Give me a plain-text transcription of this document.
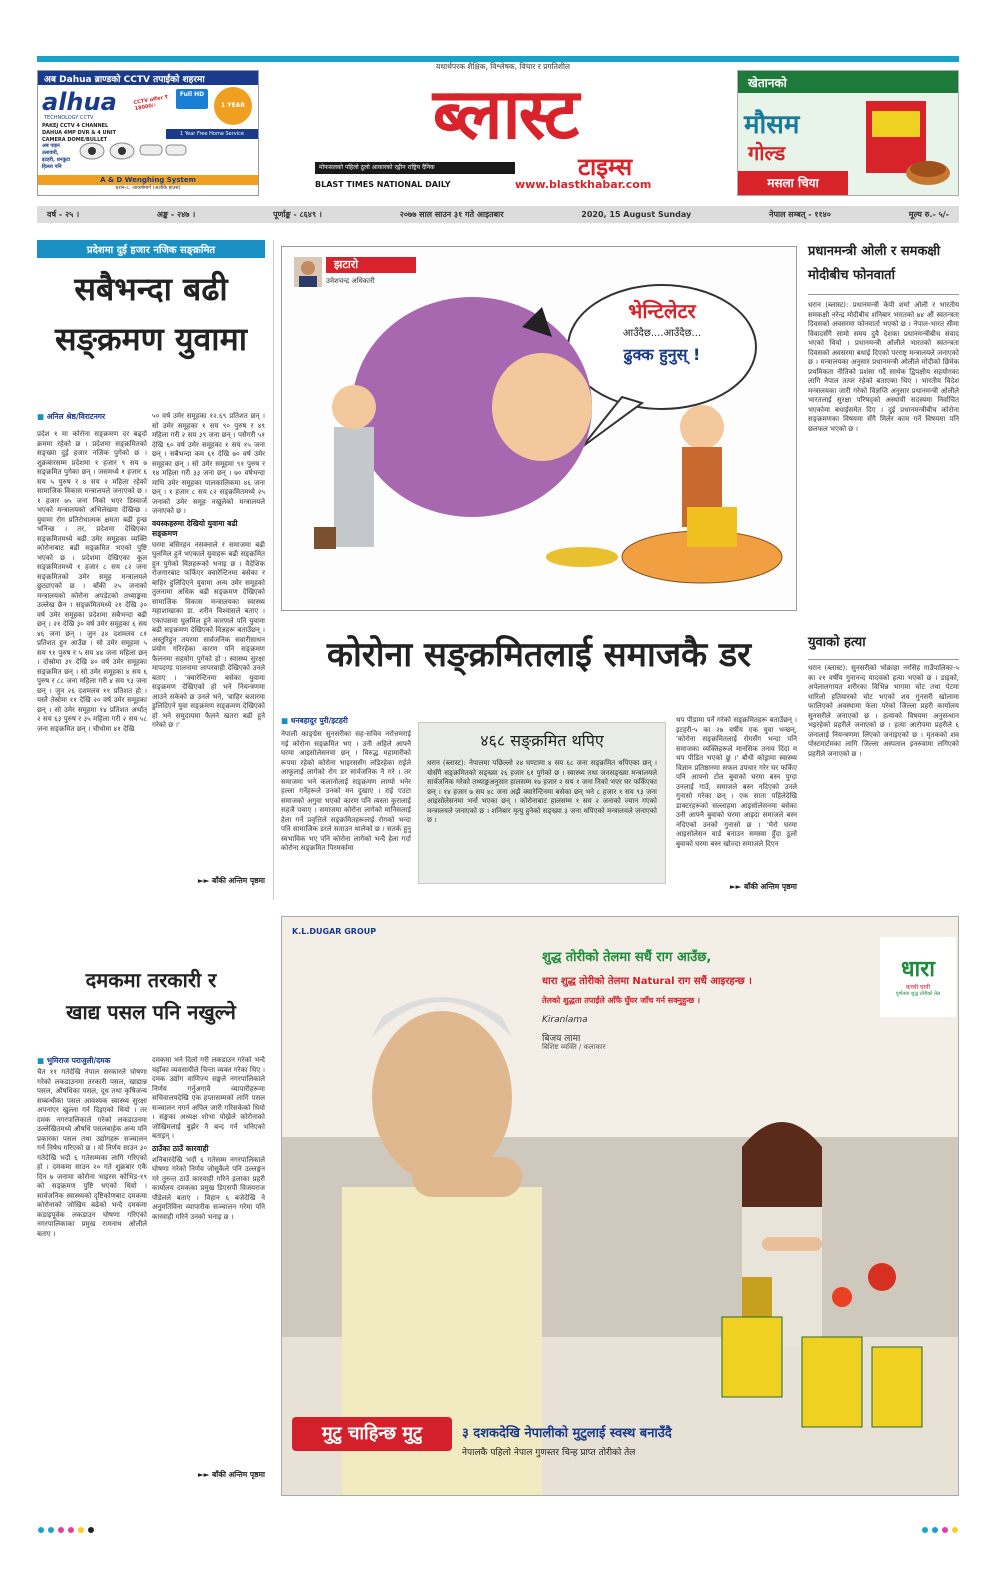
यथार्थपरक शैक्षिक, विश्लेषक, विचार र प्रगतिशील
अब Dahua ब्राण्डको CCTV तपाईंको शहरमा
alhua
TECHNOLOGY CCTV
PAKEJ CCTV 4 CHANNEL
DAHUA 4MP DVR & 4 UNIT
CAMERA DOME/BULLET
Full HD
1 YEAR
CCTV offer ₹ 18000/-
1 Year Free Home Service
अब पाइन
उलावारी,
इटहरी, धनकुटा
हिल्ला पनि
A & D Wenghing System
धरान-८, आकर्षमार्ग (अलीके हाउस)
ब्लास्ट
टाइम्स
मोफसलको पहिलो ठूलो आकारको रङ्गीन राष्ट्रिय दैनिक
BLAST TIMES NATIONAL DAILY	www.blastkhabar.com
खेतानको
मौसम
गोल्ड
मसला चिया
वर्ष - २५ ।	अङ्क - २४७ ।	पूर्णाङ्क - ८६४९ ।	२०७७ साल साउन ३१ गते आइतबार	2020, 15 August Sunday	नेपाल सम्बत् - ११४०	मूल्य रु.- ५/-
प्रदेशमा दुई हजार नजिक सङ्क्रमित
सबैभन्दा बढी
सङ्क्रमण युवामा
■ अनिल श्रेष्ठ/विराटनगर
प्रदेश १ मा कोरोना सङ्क्रमण दर बढ्दो क्रममा रहेको छ । प्रदेशमा सङ्क्रमितको सङ्ख्या दुई हजार नजिक पुगेको छ । शुक्रबारसम्म प्रदेशमा १ हजार ९ सय ७ सङ्क्रमित पुगेका छन् । जसमध्ये १ हजार ६ सय ५ पुरुष र ४ सय २ महिला रहेको सामाजिक विकास मन्त्रालयले जनाएको छ । १ हजार ७५ जना निको भएर डिस्चार्ज भएको मन्त्रालयको अभिलेखमा देखिन्छ । युवामा रोग प्रतिरोधात्मक क्षमता बढी हुन्छ भनिन्छ । तर, प्रदेशमा देखिएका सङ्क्रमितमध्ये बढी उमेर समूहका व्यक्ति कोरोनाबाट बढी सङ्क्रमित भएको पुष्टि भएको छ । प्रदेशमा देखिएका कूल सङ्क्रमितमध्ये १ हजार ८ सय ८२ जना सङ्क्रमितको उमेर समूह मन्त्रालयले छुट्याएको छ । बाँकी २५ जनाको मन्त्रालयको कोरोना अपडेटको तथ्याङ्कमा उल्लेख छैन । सङ्क्रमितमध्ये २१ देखि ३० वर्ष उमेर समूहका प्रदेशमा सबैभन्दा बढी छन् । २१ देखि ३० वर्ष उमेर समूहका ६ सय ४६ जना छन् । जुन ३४ दशमलव ८१ प्रतिशत हुन आउँछ । सो उमेर समूहमा ५ सय ९१ पुरुष र ५ सय ४४ जना महिला छन् । दोस्रोमा ३१ देखि ४० वर्ष उमेर समूहका सङ्क्रमित छन् । सो उमेर समूहका ४ सय ६ पुरुष र ८८ जना महिला गरी ४ सय ९३ जना छन् । जुन २६ दशमलव ११ प्रतिशत हो । यस्तै तेस्रोमा ११ देखि २० वर्ष उमेर समूहका छन् । सो उमेर समूहमा १४ प्रतिशत अर्थात् २ सय ६३ पुरुष र ३५ महिला गरी २ सय ५८ जना सङ्क्रमित छन् । चौथोमा ४१ देखि
५० वर्ष उमेर समूहका १२.६९ प्रतिशत छन् । सो उमेर समूहका १ सय ९० पुरुष र ४९ महिला गरी २ सय ३९ जना छन् । पसैगरी ५१ देखि ६० वर्ष उमेर समूहका १ सय १५ जना छन् । सबैभन्दा कम ६१ देखि ७० वर्ष उमेर समूहका छन् । सो उमेर समूहमा ९१ पुरुष र १४ महिला गरी ३३ जना छन् । ७० वर्षभन्दा माथि उमेर समूहका पालकालिकमा ४६ जना छन् । १ हजार ८ सय ८२ सङ्क्रमितमध्ये २५ जनाको उमेर समूह नखुलेको मन्त्रालयले जनाएको छ ।
वयस्कहरुमा देखियो युवामा बढी सङ्क्रमण
घरमा बसिरहन नसक्नाले र समाजमा बढी घुलमिल हुने भएकाले युवाहरू बढी सङ्क्रमित हुन पुगेको विज्ञहरूको भनाइ छ । वैदेशिक रोजगारबाट फर्किएर क्वारेन्टिनमा बसेका र बाहिर हुलिदिएने युवामा अन्य उमेर समूहको तुलनामा अधिक बढी सङ्क्रमण देखिएको सामाजिक विकास मन्त्रालयका स्वास्थ्य महाशाखाका डा. शरीन विश्वासले बताए । एकापसमा घुलमिल हुने कारणले पनि युवामा बढी सङ्क्रमण देखिएको विज्ञहरू बताउँछन् । अस्तुरिहुन तयरमा सार्वजनिक सवारीसाधन प्रयोग गरिरहेका कारण पनि सङ्क्रमण फैलनमा सहयोग पुगेको हो । स्वास्थ्य सुरक्षा मापदण्ड पालनामा लापरवाही देखिएको उनले बताए । 'क्वारेन्टिनमा बसेका युवामा सङ्क्रमण देखिएको हो भने नियन्त्रणमा आउने सकेको छ उनले भने, 'बाहिर बजारमा डुलिदिएने युवा सङ्क्रमण सङ्क्रमण देखिएको हो भने समुदायमा फैलने खतरा बढी हुने गरेको छ ।'
►► बाँकी अन्तिम पृष्ठमा
झटारो
उमेशचन्द्र अधिकारी
भेन्टिलेटर
आउँदैछ....आउँदैछ...
ढुक्क हुनुस् !
कोरोना सङ्क्रमितलाई समाजकै डर
■ धनबहादुर पुरी/इटहरी
नेपाली काङ्ग्रेस सुनसरीका सह-सचिव नरोत्तमराई गई कोरोना सङ्क्रमित भए । उनी अहिले आफ्नै घरमा आइसोलेसनमा छन् । विरुद्ध महामारीको रूपमा रहेको कोरोना भाइरससँग लडिरहेका राईले आफूलाई लागेको रोग डर सार्वजनिक नै गरे । तर समाजमा भने कलानोलाई सङ्क्रमण लाग्यो भनेर हल्ला गर्नेहरूले उनको मन दुखाए । राई एउटा समाजको अगुवा भएको कारण पनि त्यस्ता कुरालाई सहजै पचाए । समाजमा कोरोना लागेको मानिसलाई हेला गर्ने प्रवृत्तिले सङ्क्रमितहरूलाई रोगको भन्दा पनि सामाजिक डरले सताउन थालेको छ । सतर्क हुनु स्वभाविक भए पनि कोरोना लागेको भन्दै हेला गर्दा कोरोना सङ्क्रमित पिरमर्कामा
४६८ सङ्क्रमित थपिए
धरान (ब्लास्ट): नेपालमा पछिल्लो २४ घण्टामा ४ सय ६८ जना सङ्क्रमित थपिएका छन् । योसँगै सङ्क्रमितको सङ्ख्या २६ हजार ६१ पुगेको छ । स्वास्थ्य तथा जनसङ्ख्या मन्त्रालयले सार्वजनिक गरेको तथ्याङ्कअनुसार हालसम्म १७ हजार २ सय १ जना निको भएर घर फर्किएका छन् । १४ हजार ७ सय ४८ जना अझै क्वारेन्टिनमा बसेका छन् भने ८ हजार १ सय ९३ जना आइसोलेसनमा भर्ना भएका छन् । कोरोनाबाट हालसम्म १ सय २ जनाको ज्यान गएको मन्त्रालयले जनाएको छ । शनिबार मृत्यु हुनेको सङ्ख्या ३ जना थपिएको मन्त्रालयले जनाएको छ ।
थप पीडामा पर्ने गरेको सङ्क्रमितहरू बताउँछन् । इटहरी-५ का २७ वर्षीय एक युवा भन्छन्, 'कोरोना सङ्क्रमितलाई रोगसँग भन्दा पनि समाजका व्यक्तिहरूले मानसिक तनाव दिंदा म थप पीडित भएको छु ।' बौधी कोड्रामा स्वास्थ्य विज्ञान प्रतिष्ठानमा सफल उपचार गरेर घर फर्किए पनि आफ्नो टोल बुवाको घरमा बस्न पुग्दा उनलाई गाउँ, समाजले बस्न नदिएको उनले गुनासो गरेका छन् । एक साता पहिलेदेखि डाक्टरहरूको सल्लाहमा आइसोलेसनमा बसेका उनी आफ्नै बुवाको घरमा आइदा समाजले बस्न नदिएको उनको गुनासो छ । 'मेरो घरमा आइसोलेसन वार्ड बनाउन समस्या हुँदा ठूलो बुवाको घरमा बस्न खोज्दा समाजले दिएन
►► बाँकी अन्तिम पृष्ठमा
प्रधानमन्त्री ओली र समकक्षी मोदीबीच फोनवार्ता
धरान (ब्लास्ट): प्रधानमन्त्री केपी शर्मा ओली र भारतीय समकक्षी नरेन्द्र मोदीबीच शनिबार भारतको ७४ औं स्वतन्त्रता दिवसको अवसरमा फोनवार्ता भएको छ । नेपाल-भारत सीमा विवादसँगै सामो समय दुवै देशका प्रधानमन्त्रीबीच संवाद भएको थियो । प्रधानमन्त्री ओलीले भारतको स्वतन्त्रता दिवसको अवसरमा बधाई दिएको परराष्ट्र मन्त्रालयले जनाएको छ । मन्त्रालयका अनुसार प्रधानमन्त्री ओलीले मोदीको छिमेक प्रथमिकता नीतिको प्रशंसा गर्दै सार्थक द्विपक्षीय सहयोगका लागि नेपाल तत्पर रहेको बताएका थिए । भारतीय विदेश मन्त्रालयका जारी गरेको विज्ञप्ति अनुसार प्रधानमन्त्री ओलीले भारतलाई सुरक्षा परिषद्को अस्थायी सदस्यमा निर्वाचित भएकोमा बधाईसमेत दिए । दुई प्रधानमन्त्रीबीच कोरोना सङ्क्रमणका विषयमा सँगै मिलेर काम गर्ने विषयमा पनि छलफल भएको छ ।
युवाको हत्या
धरान (ब्लास्ट): सुनसरीको भोक्राहा नरसिंह गाउँपालिका-५ का २१ वर्षीय गुनानन्द यादवको हत्या भएको छ । डाइको, अपेलालगायत शरीरका विभिन्न भागमा चोट तथा पेटमा धारिलो हतियारको चोट भएको शव गुनसरी खोलामा फालिएको अवस्थामा फेला परेको जिल्ला प्रहरी कार्यालय सुनसरीले जनाएको छ । हत्याको विषयमा अनुसन्धान भइरहेको प्रहरीले जनाएको छ । हत्या आरोपमा प्रहरीले ६ जनालाई नियन्त्रणमा लिएको जनाइएको छ । मृतकको शव पोस्टमार्टमका लागि जिल्ला अस्पताल इनरुवामा लगिएको प्रहरीले जनाएको छ ।
दमकमा तरकारी र
खाद्य पसल पनि नखुल्ने
■ भुमिराज पराजुली/दमक
चैत ११ गतेदेखि नेपाल सरकारले घोषणा गरेको लकडाउनमा तरकारी पसल, खाद्यान्न पसल, औषधिका पसल, दूध तथा कृषिजन्य सम्बन्धीका पसल आवश्यक स्वास्थ्य सुरक्षा अपनाएर खुल्ला गर्न दिइएको थियो । तर दमक नगरपालिकाले गरेको लकडाउनमा उल्लेखितमध्ये औषधि पसलबाहेक अन्य पनि प्रकारका पसल तथा उद्योगहरू सञ्चालन गर्न निषेध गरिएको छ । यो निर्णय साउन ३० गतेदेखि भदौ ६ गतेसम्मका लागि गरिएको हो । दमकमा साउन २० गते शुक्रबार एकै दिन ७ जनामा कोरोना भाइरस कोभिड-१९ को सङ्क्रमण पुष्टि भएको थियो । सार्वजनिक स्वास्थ्यको दृष्टिकोणबाट दमकमा कोरोनाको जोखिम बढेको भन्दै दमकमा कडाइपूर्वक लकडाउन घोषणा गरिएको नगरपालिकाका प्रमुख रामनाथ ओलीले बताए ।
दमकमा भने दिलो गरी लकडाउन गरेको भन्दै यहाँका व्यवसायीले चिन्ता व्यक्त गरेका थिए । दमक उद्योग वाणिज्य सङ्घले नगरपालिकाले निर्णय गर्नुअगावै व्यापारीहरूमा सचिवालयदेखि एक हप्तासम्मको लागि पसल सञ्चालन नगर्न अपिल जारी गरिसकेको थियो । सङ्घका अध्यक्ष शोभा पोख्रेले कोरोनाको जोखिमलाई बुझेर नै बन्द गर्न भनिएको बताइन् ।
ठाउँका ठाउँ कारवाही
शनिबारदेखि भदौ ६ गतेसम्म नगरपालिकाले घोषणा गरेको निर्णय जोसुकैले पनि उल्लङ्घन गरे तुरुन्त ठाउँ कारवाही गरिने इलाका प्रहरी कार्यालय दमकका प्रमुख डिएसपी विजयराज पौडेलले बताए । विहान ६ बजेदेखि ने अनुमतिविना व्यापारीक सञ्चालन गरेमा पनि कारवाही गरिने उनको भनाइ छ ।
►► बाँकी अन्तिम पृष्ठमा
K.L.DUGAR GROUP
शुद्ध तोरीको तेलमा सधैं राग आउँछ,
धारा शुद्ध तोरीको तेलमा Natural राग सधैं आइरहन्छ ।
तेलको शुद्धता तपाईंले आँफै घुँघर जाँच गर्न सक्नुहुन्छ ।
Kiranlama
बिजय लामा
बिशिष्ट व्यक्ति / कलाकार
धारा
कच्ची घानी
पूर्णतया शुद्ध तोरीको तेल
मुटु चाहिन्छ मुटु	३ दशकदेखि नेपालीको मुटुलाई स्वस्थ बनाउँदै
नेपालकै पहिलो नेपाल गुणस्तर चिन्ह प्राप्त तोरीको तेल
